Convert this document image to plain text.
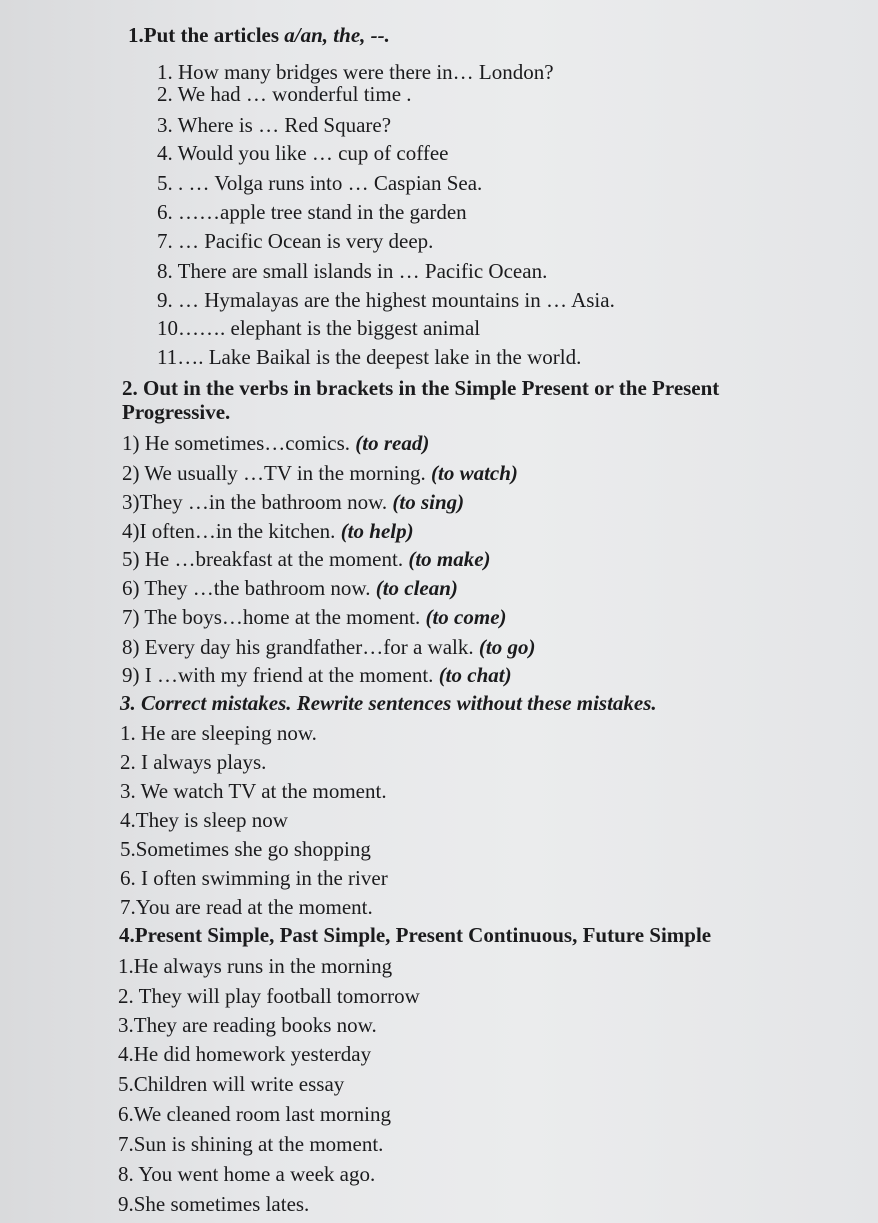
1.Put the articles a/an, the, --.
1. How many bridges were there in… London?
2. We had … wonderful time .
3. Where is … Red Square?
4. Would you like … cup of coffee
5. . … Volga runs into … Caspian Sea.
6. ……apple tree stand in the garden
7. … Pacific Ocean is very deep.
8. There are small islands in … Pacific Ocean.
9. … Hymalayas are the highest mountains in … Asia.
10……. elephant is the biggest animal
11…. Lake Baikal is the deepest lake in the world.
2. Out in the verbs in brackets in the Simple Present or the Present
Progressive.
1) He sometimes…comics. (to read)
2) We usually …TV in the morning. (to watch)
3)They …in the bathroom now. (to sing)
4)I often…in the kitchen. (to help)
5) He …breakfast at the moment. (to make)
6) They …the bathroom now. (to clean)
7) The boys…home at the moment. (to come)
8) Every day his grandfather…for a walk. (to go)
9) I …with my friend at the moment. (to chat)
3. Correct mistakes. Rewrite sentences without these mistakes.
1. He are sleeping now.
2. I always plays.
3. We watch TV at the moment.
4.They is sleep now
5.Sometimes she go shopping
6. I often swimming in the river
7.You are read at the moment.
4.Present Simple, Past Simple, Present Continuous, Future Simple
1.He always runs in the morning
2. They will play football tomorrow
3.They are reading books now.
4.He did homework yesterday
5.Children will write essay
6.We cleaned room last morning
7.Sun is shining at the moment.
8. You went home a week ago.
9.She sometimes lates.
